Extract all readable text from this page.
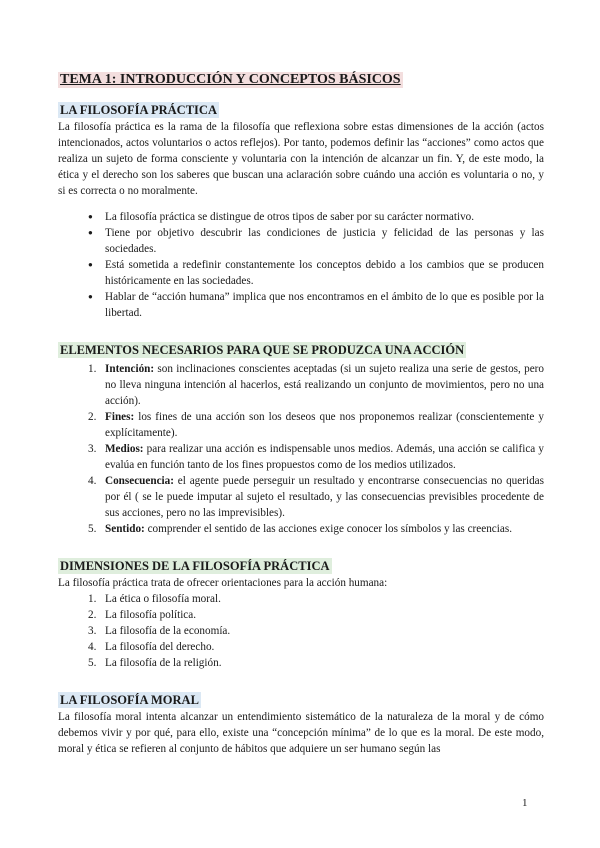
TEMA 1: INTRODUCCIÓN Y CONCEPTOS BÁSICOS
LA FILOSOFÍA PRÁCTICA

La filosofía práctica es la rama de la filosofía que reflexiona sobre estas dimensiones de la acción (actos intencionados, actos voluntarios o actos reflejos). Por tanto, podemos definir las “acciones” como actos que realiza un sujeto de forma consciente y voluntaria con la intención de alcanzar un fin. Y, de este modo, la ética y el derecho son los saberes que buscan una aclaración sobre cuándo una acción es voluntaria o no, y si es correcta o no moralmente.

● La filosofía práctica se distingue de otros tipos de saber por su carácter normativo.
● Tiene por objetivo descubrir las condiciones de justicia y felicidad de las personas y las sociedades.
● Está sometida a redefinir constantemente los conceptos debido a los cambios que se producen históricamente en las sociedades.
● Hablar de “acción humana” implica que nos encontramos en el ámbito de lo que es posible por la libertad.
ELEMENTOS NECESARIOS PARA QUE SE PRODUZCA UNA ACCIÓN
1. Intención: son inclinaciones conscientes aceptadas (si un sujeto realiza una serie de gestos, pero no lleva ninguna intención al hacerlos, está realizando un conjunto de movimientos, pero no una acción).
2. Fines: los fines de una acción son los deseos que nos proponemos realizar (conscientemente y explícitamente).
3. Medios: para realizar una acción es indispensable unos medios. Además, una acción se califica y evalúa en función tanto de los fines propuestos como de los medios utilizados.
4. Consecuencia: el agente puede perseguir un resultado y encontrarse consecuencias no queridas por él ( se le puede imputar al sujeto el resultado, y las consecuencias previsibles procedente de sus acciones, pero no las imprevisibles).
5. Sentido: comprender el sentido de las acciones exige conocer los símbolos y las creencias.
DIMENSIONES DE LA FILOSOFÍA PRÁCTICA

La filosofía práctica trata de ofrecer orientaciones para la acción humana:

1. La ética o filosofía moral.
2. La filosofía política.
3. La filosofía de la economía.
4. La filosofía del derecho.
5. La filosofía de la religión.
LA FILOSOFÍA MORAL

La filosofía moral intenta alcanzar un entendimiento sistemático de la naturaleza de la moral y de cómo debemos vivir y por qué, para ello, existe una “concepción mínima” de lo que es la moral. De este modo, moral y ética se refieren al conjunto de hábitos que adquiere un ser humano según las

1
